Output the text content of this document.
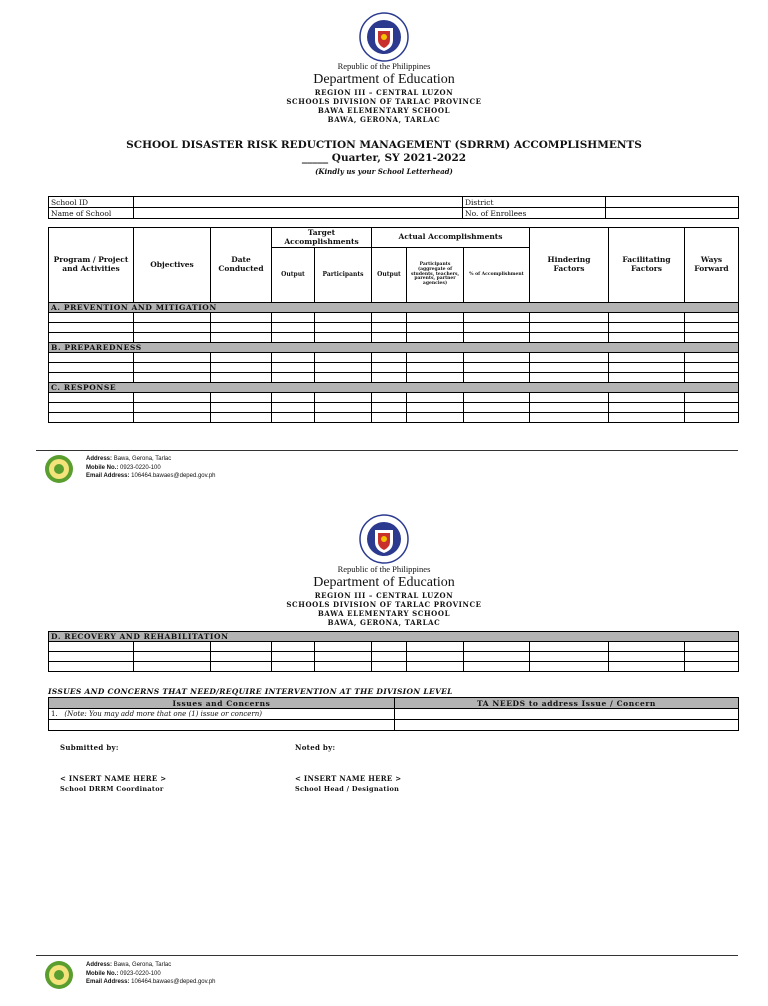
Republic of the Philippines
Department of Education
REGION III – CENTRAL LUZON
SCHOOLS DIVISION OF TARLAC PROVINCE
BAWA ELEMENTARY SCHOOL
BAWA, GERONA, TARLAC
SCHOOL DISASTER RISK REDUCTION MANAGEMENT (SDRRM) ACCOMPLISHMENTS
_____ Quarter, SY 2021-2022
(Kindly us your School Letterhead)
School ID		District	
Name of School		No. of Enrollees	
Program / Project and Activities	Objectives	Date Conducted	Target Accomplishments		Actual Accomplishments			Hindering Factors	Facilitating Factors	Ways Forward
			Output	Participants	Output	Participants (aggregate of students, teachers, parents, partner agencies)	% of Accomplishment			
A. PREVENTION AND MITIGATION										

B. PREPAREDNESS										

C. RESPONSE										

Address: Bawa, Gerona, Tarlac
Mobile No.: 0923-0220-100
Email Address: 106464.bawaes@deped.gov.ph
Republic of the Philippines
Department of Education
REGION III – CENTRAL LUZON
SCHOOLS DIVISION OF TARLAC PROVINCE
BAWA ELEMENTARY SCHOOL
BAWA, GERONA, TARLAC
D. RECOVERY AND REHABILITATION										

ISSUES AND CONCERNS THAT NEED/REQUIRE INTERVENTION AT THE DIVISION LEVEL
Issues and Concerns	TA NEEDS to address Issue / Concern
1. (Note: You may add more that one (1) issue or concern)	

Submitted by:	Noted by:
< INSERT NAME HERE >
School DRRM Coordinator
< INSERT NAME HERE >
School Head / Designation
Address: Bawa, Gerona, Tarlac
Mobile No.: 0923-0220-100
Email Address: 106464.bawaes@deped.gov.ph
